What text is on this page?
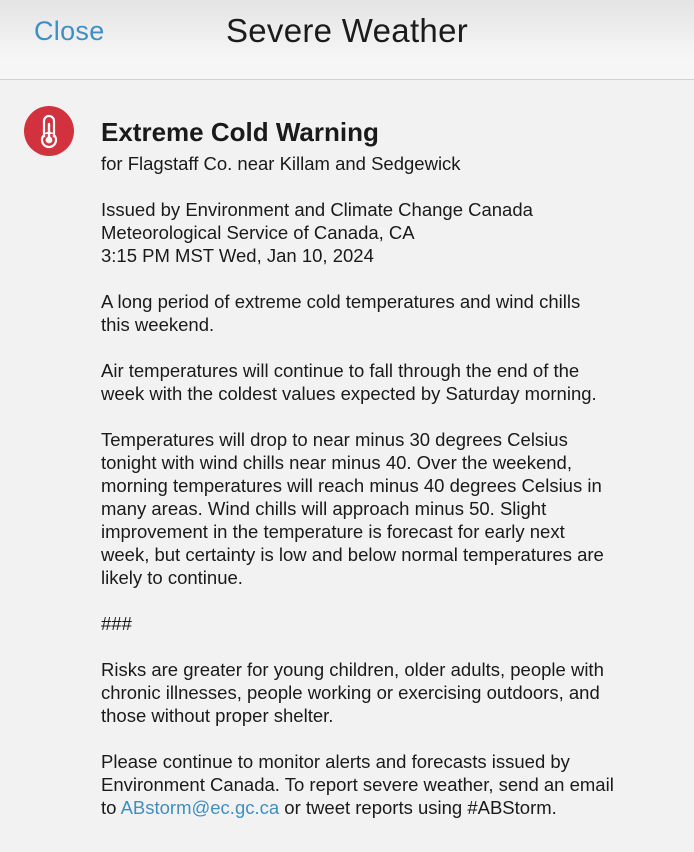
Close	Severe Weather
Extreme Cold Warning
for Flagstaff Co. near Killam and Sedgewick
Issued by Environment and Climate Change Canada
Meteorological Service of Canada, CA
3:15 PM MST Wed, Jan 10, 2024
A long period of extreme cold temperatures and wind chills
this weekend.
Air temperatures will continue to fall through the end of the
week with the coldest values expected by Saturday morning.
Temperatures will drop to near minus 30 degrees Celsius
tonight with wind chills near minus 40. Over the weekend,
morning temperatures will reach minus 40 degrees Celsius in
many areas. Wind chills will approach minus 50. Slight
improvement in the temperature is forecast for early next
week, but certainty is low and below normal temperatures are
likely to continue.
###
Risks are greater for young children, older adults, people with
chronic illnesses, people working or exercising outdoors, and
those without proper shelter.
Please continue to monitor alerts and forecasts issued by
Environment Canada. To report severe weather, send an email
to ABstorm@ec.gc.ca or tweet reports using #ABStorm.
